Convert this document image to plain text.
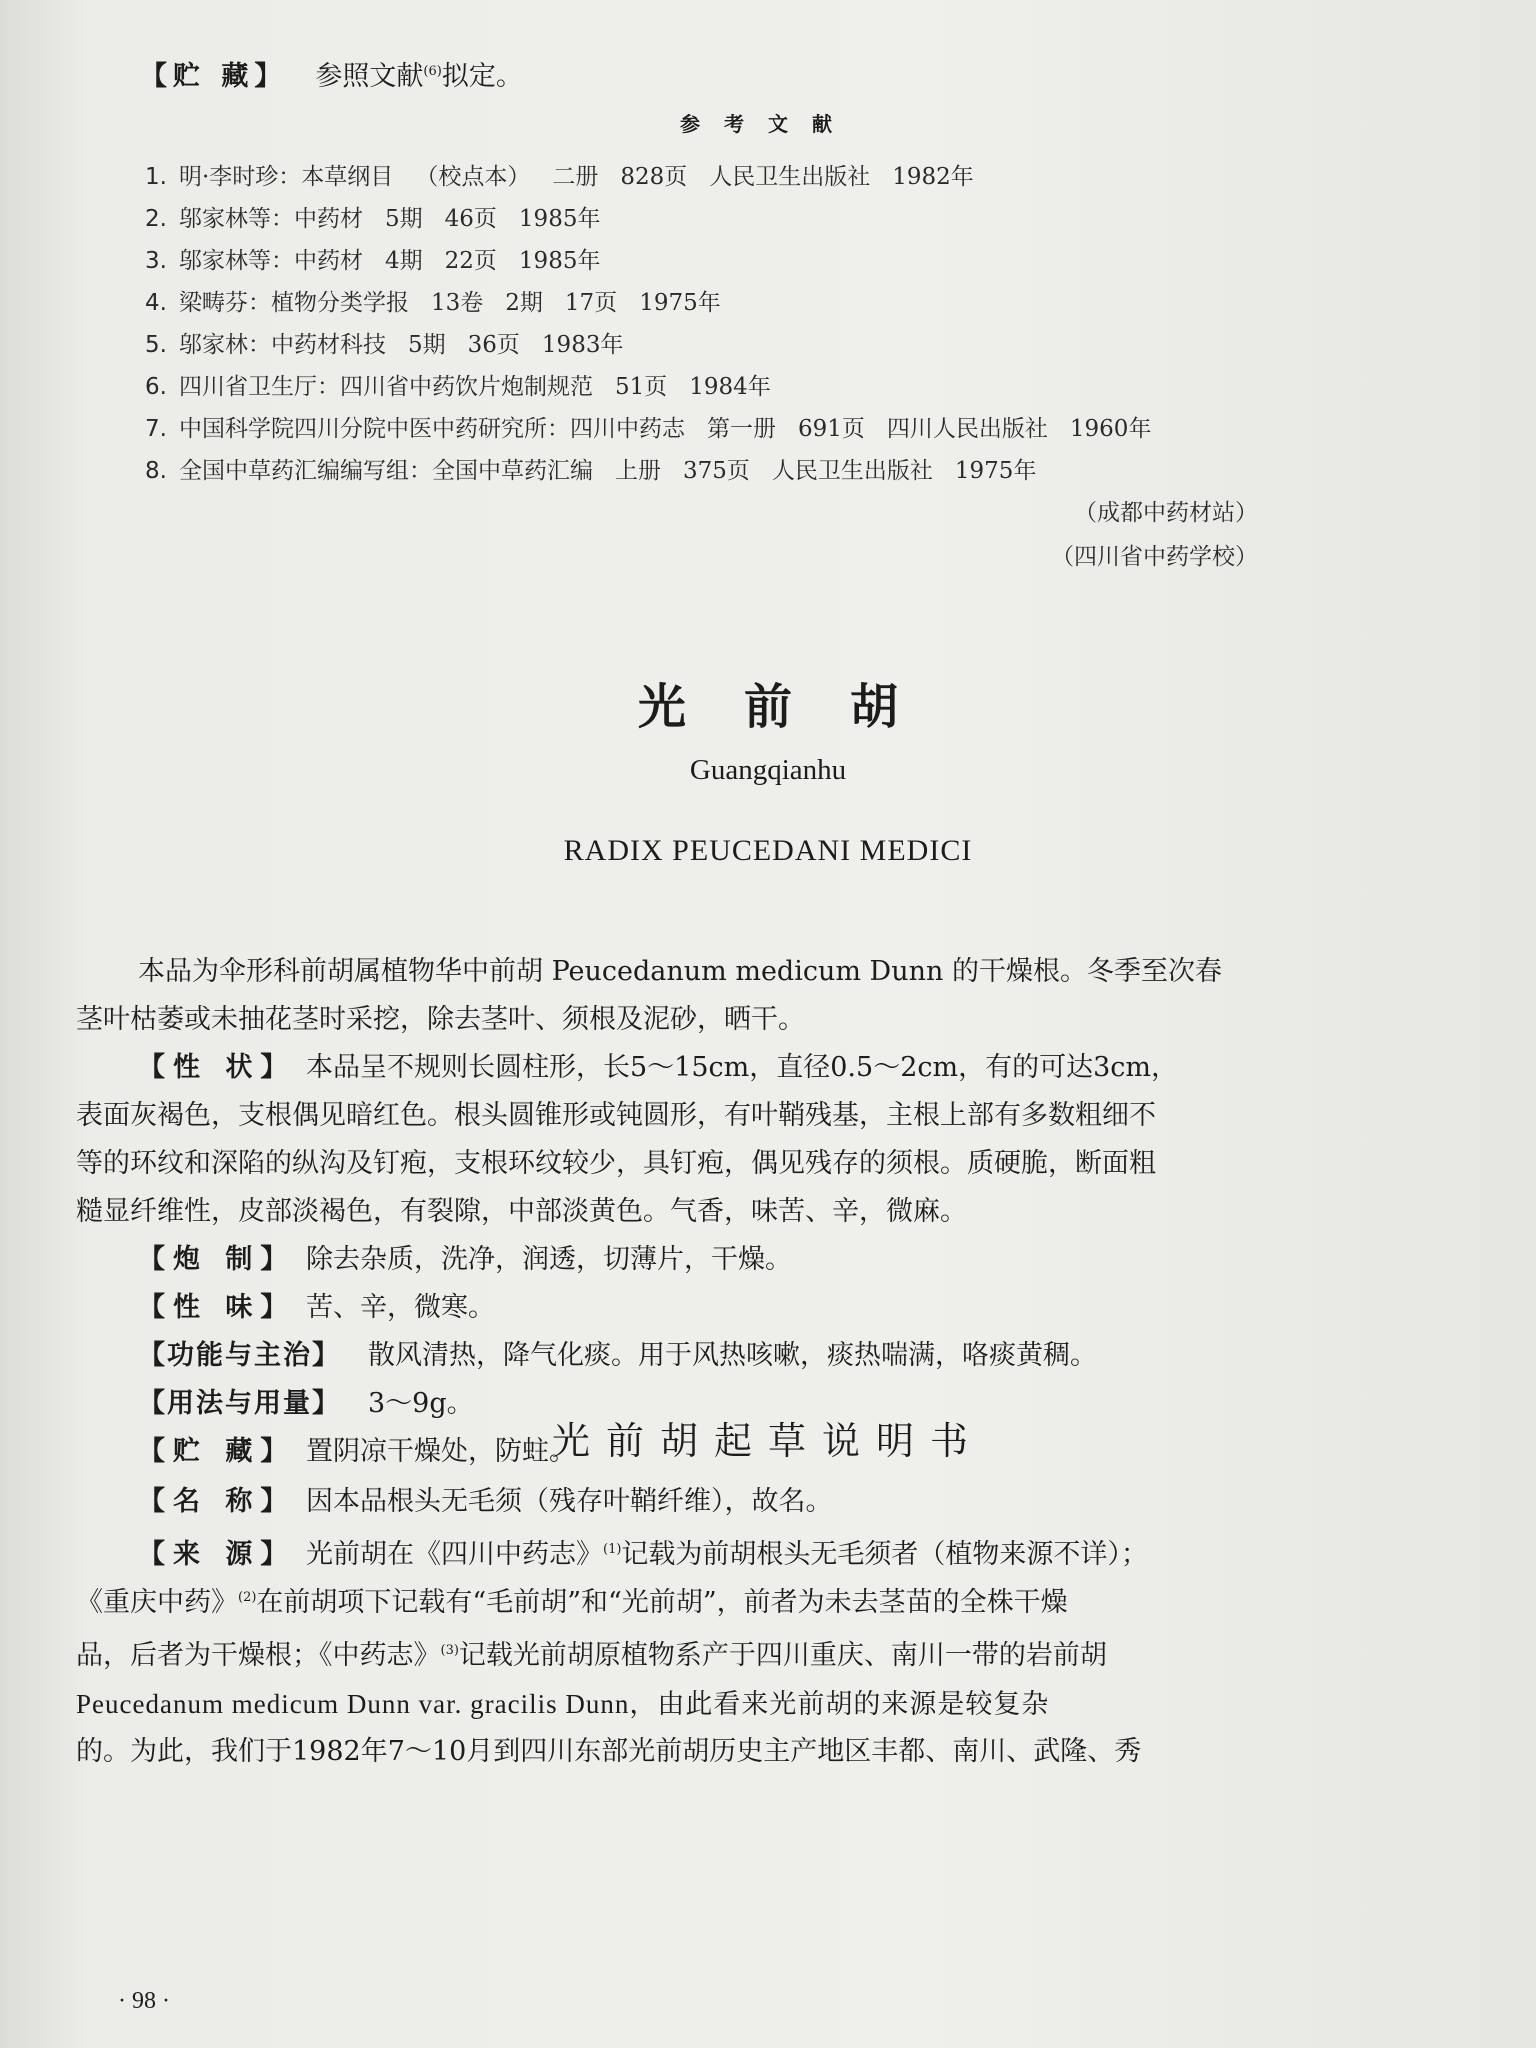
【贮 藏】 参照文献$^{(6)}$拟定。
参考文献
1. 明·李时珍：本草纲目 （校点本） 二册 828页 人民卫生出版社 1982年
2. 邬家林等：中药材 5期 46页 1985年
3. 邬家林等：中药材 4期 22页 1985年
4. 梁畴芬：植物分类学报 13卷 2期 17页 1975年
5. 邬家林：中药材科技 5期 36页 1983年
6. 四川省卫生厅：四川省中药饮片炮制规范 51页 1984年
7. 中国科学院四川分院中医中药研究所：四川中药志 第一册 691页 四川人民出版社 1960年
8. 全国中草药汇编编写组：全国中草药汇编 上册 375页 人民卫生出版社 1975年
（成都中药材站）
（四川省中药学校）
光前胡
Guangqianhu
RADIX PEUCEDANI MEDICI

本品为伞形科前胡属植物华中前胡 Peucedanum medicum Dunn 的干燥根。冬季至次春

茎叶枯萎或未抽花茎时采挖，除去茎叶、须根及泥砂，晒干。

【性 状】 本品呈不规则长圆柱形，长5～15cm，直径0.5～2cm，有的可达3cm，

表面灰褐色，支根偶见暗红色。根头圆锥形或钝圆形，有叶鞘残基，主根上部有多数粗细不

等的环纹和深陷的纵沟及钉疱，支根环纹较少，具钉疱，偶见残存的须根。质硬脆，断面粗

糙显纤维性，皮部淡褐色，有裂隙，中部淡黄色。气香，味苦、辛，微麻。

【炮 制】 除去杂质，洗净，润透，切薄片，干燥。

【性 味】 苦、辛，微寒。

【功能与主治】 散风清热，降气化痰。用于风热咳嗽，痰热喘满，咯痰黄稠。

【用法与用量】 3～9g。

【贮 藏】 置阴凉干燥处，防蛀。

光前胡起草说明书

【名 称】 因本品根头无毛须（残存叶鞘纤维），故名。

【来 源】 光前胡在《四川中药志》$^{(1)}$记载为前胡根头无毛须者（植物来源不详）；

《重庆中药》$^{(2)}$在前胡项下记载有“毛前胡”和“光前胡”，前者为未去茎苗的全株干燥

品，后者为干燥根；《中药志》$^{(3)}$记载光前胡原植物系产于四川重庆、南川一带的岩前胡

Peucedanum medicum Dunn var. gracilis Dunn，由此看来光前胡的来源是较复杂

的。为此，我们于1982年7～10月到四川东部光前胡历史主产地区丰都、南川、武隆、秀

· 98 ·
